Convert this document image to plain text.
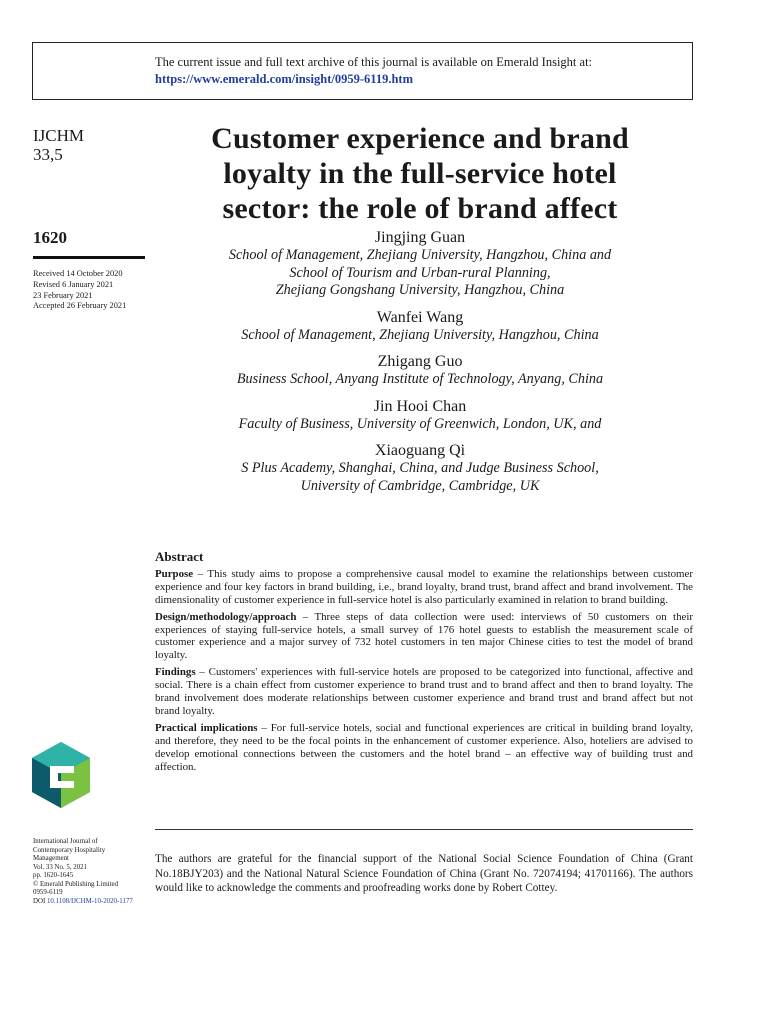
The current issue and full text archive of this journal is available on Emerald Insight at:
https://www.emerald.com/insight/0959-6119.htm
IJCHM
33,5
1620
Received 14 October 2020
Revised 6 January 2021
23 February 2021
Accepted 26 February 2021
Customer experience and brand
loyalty in the full-service hotel
sector: the role of brand affect
Jingjing Guan
School of Management, Zhejiang University, Hangzhou, China and
School of Tourism and Urban-rural Planning,
Zhejiang Gongshang University, Hangzhou, China
Wanfei Wang
School of Management, Zhejiang University, Hangzhou, China
Zhigang Guo
Business School, Anyang Institute of Technology, Anyang, China
Jin Hooi Chan
Faculty of Business, University of Greenwich, London, UK, and
Xiaoguang Qi
S Plus Academy, Shanghai, China, and Judge Business School,
University of Cambridge, Cambridge, UK
Abstract

Purpose – This study aims to propose a comprehensive causal model to examine the relationships between customer experience and four key factors in brand building, i.e., brand loyalty, brand trust, brand affect and brand involvement. The dimensionality of customer experience in full-service hotel is also particularly examined in relation to brand building.

Design/methodology/approach – Three steps of data collection were used: interviews of 50 customers on their experiences of staying full-service hotels, a small survey of 176 hotel guests to establish the measurement scale of customer experience and a major survey of 732 hotel customers in ten major Chinese cities to test the model of brand loyalty.

Findings – Customers' experiences with full-service hotels are proposed to be categorized into functional, affective and social. There is a chain effect from customer experience to brand trust and to brand affect and then to brand loyalty. The brand involvement does moderate relationships between customer experience and brand trust and brand affect but not brand loyalty.

Practical implications – For full-service hotels, social and functional experiences are critical in building brand loyalty, and therefore, they need to be the focal points in the enhancement of customer experience. Also, hoteliers are advised to develop emotional connections between the customers and the hotel brand – an effective way of building trust and affection.

The authors are grateful for the financial support of the National Social Science Foundation of China (Grant No.18BJY203) and the National Natural Science Foundation of China (Grant No. 72074194; 41701166). The authors would like to acknowledge the comments and proofreading works done by Robert Cottey.
International Journal of
Contemporary Hospitality
Management
Vol. 33 No. 5, 2021
pp. 1620-1645
© Emerald Publishing Limited
0959-6119
DOI 10.1108/IJCHM-10-2020-1177
